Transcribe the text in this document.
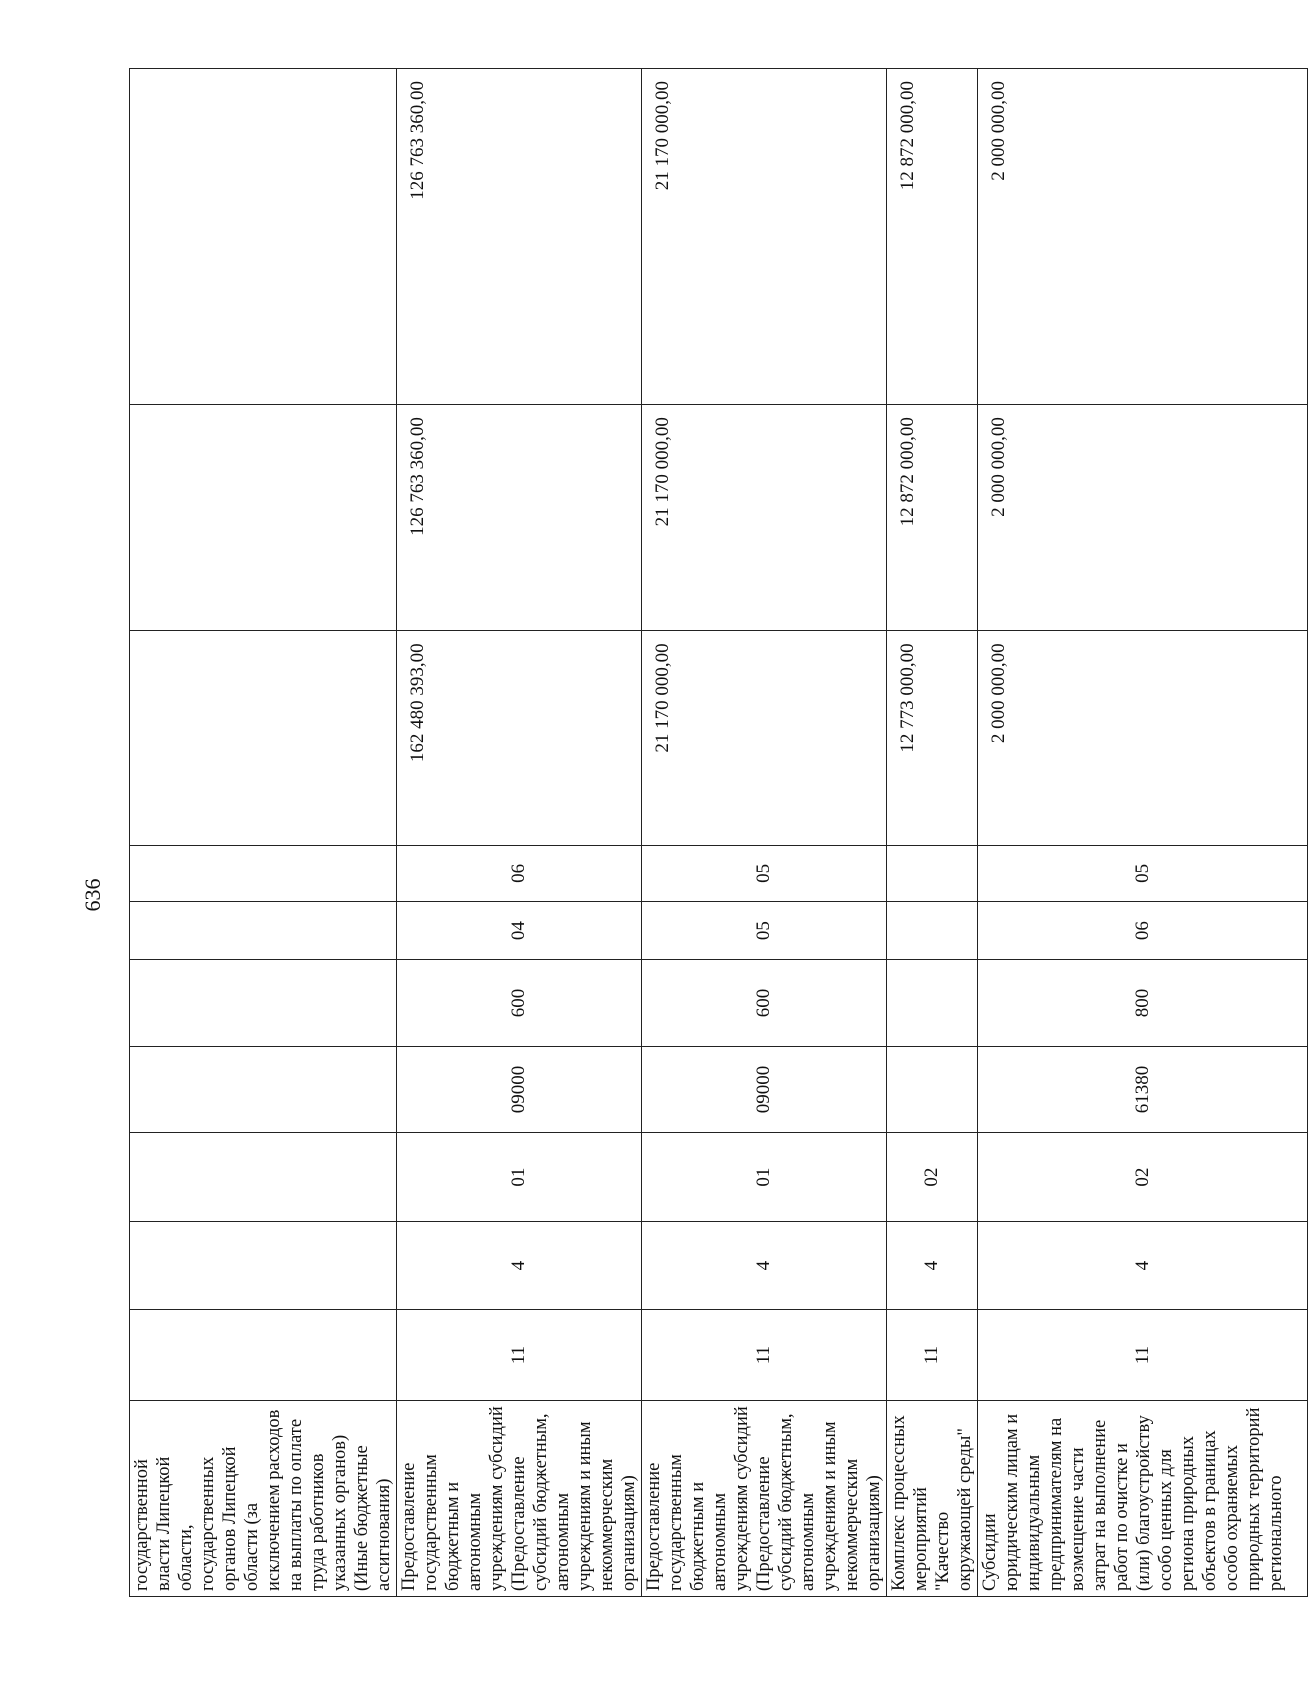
636
государственной власти Липецкой области, государственных органов Липецкой области (за исключением расходов на выплаты по оплате труда работников указанных органов) (Иные бюджетные ассигнования)										
Предоставление государственным бюджетным и автономным учреждениям субсидий (Предоставление субсидий бюджетным, автономным учреждениям и иным некоммерческим организациям)	11	4	01	09000	600	04	06	162 480 393,00	126 763 360,00	126 763 360,00
Предоставление государственным бюджетным и автономным учреждениям субсидий (Предоставление субсидий бюджетным, автономным учреждениям и иным некоммерческим организациям)	11	4	01	09000	600	05	05	21 170 000,00	21 170 000,00	21 170 000,00
Комплекс процессных мероприятий "Качество окружающей среды"	11	4	02					12 773 000,00	12 872 000,00	12 872 000,00
Субсидии юридическим лицам и индивидуальным предпринимателям на возмещение части затрат на выполнение работ по очистке и (или) благоустройству особо ценных для региона природных объектов в границах особо охраняемых природных территорий регионального	11	4	02	61380	800	06	05	2 000 000,00	2 000 000,00	2 000 000,00
